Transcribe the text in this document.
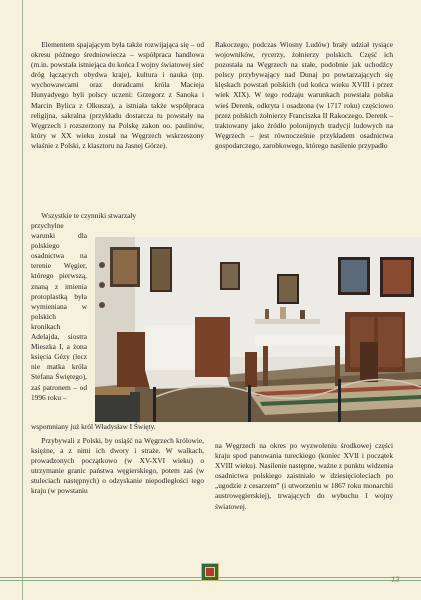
Elementem spajającym była także rozwijająca się – od okresu późnego średniowiecza – współpraca handlowa (m.in. powstała istniejąca do końca I wojny światowej sieć dróg łączących obydwa kraje), kultura i nauka (np. wychowawcami oraz doradcami króla Macieja Hunyadyego byli polscy uczeni: Grzegorz z Sanoka i Marcin Bylica z Olkusza), a istniała także współpraca religijna, sakralna (przykładu dostarcza tu powstały na Węgrzech i rozszerzony na Polskę zakon oo. paulinów, który w XX wieku został na Węgrzech wskrzeszony właśnie z Polski, z klasztoru na Jasnej Górze).

Wszystkie te czynniki stwarzały

przychylne warunki dla polskiego osadnictwa na terenie Węgier, którego pierwszą, znaną z imienia protoplastką była wymieniana w polskich kronikach Adelajda, siostra Mieszka I, a żona księcia Gézy (lecz nie matka króla Stefana Świętego), zaś patronem – od 1996 roku –

wspomniany już król Władysław I Święty.

Przybywali z Polski, by osiąść na Węgrzech królowie, księżne, a z nimi ich dwory i straże. W walkach, prowadzonych początkowo (w XV-XVI wieku) o utrzymanie granic państwa węgierskiego, potem zaś (w stuleciach następnych) o odzyskanie niepodległości tego kraju (w powstaniu

Rakoczego, podczas Wiosny Ludów) brały udział tysiące wojowników, rycerzy, żołnierzy polskich. Część ich pozostała na Węgrzech na stałe, podobnie jak uchodźcy polscy przybywający nad Dunaj po powtarzających się klęskach powstań polskich (od końca wieku XVIII i przez wiek XIX). W tego rodzaju warunkach powstała polska wieś Derenk, odkryta i osadzona (w 1717 roku) częściowo przez polskich żołnierzy Franciszka II Rakoczego. Derenk – traktowany jako źródło polonijnych tradycji ludowych na Węgrzech – jest równocześnie przykładem osadnictwa gospodarczego, zarobkowego, którego nasilenie przypadło

na Węgrzech na okres po wyzwoleniu środkowej części kraju spod panowania tureckiego (koniec XVII i początek XVIII wieku). Nasilenie następne, ważne z punktu widzenia osadnictwa polskiego zaistniało w dziesięcioleciach po „ugodzie z cesarzem” (i utworzeniu w 1867 roku monarchii austrowęgierskiej), trwających do wybuchu I wojny światowej.

13
